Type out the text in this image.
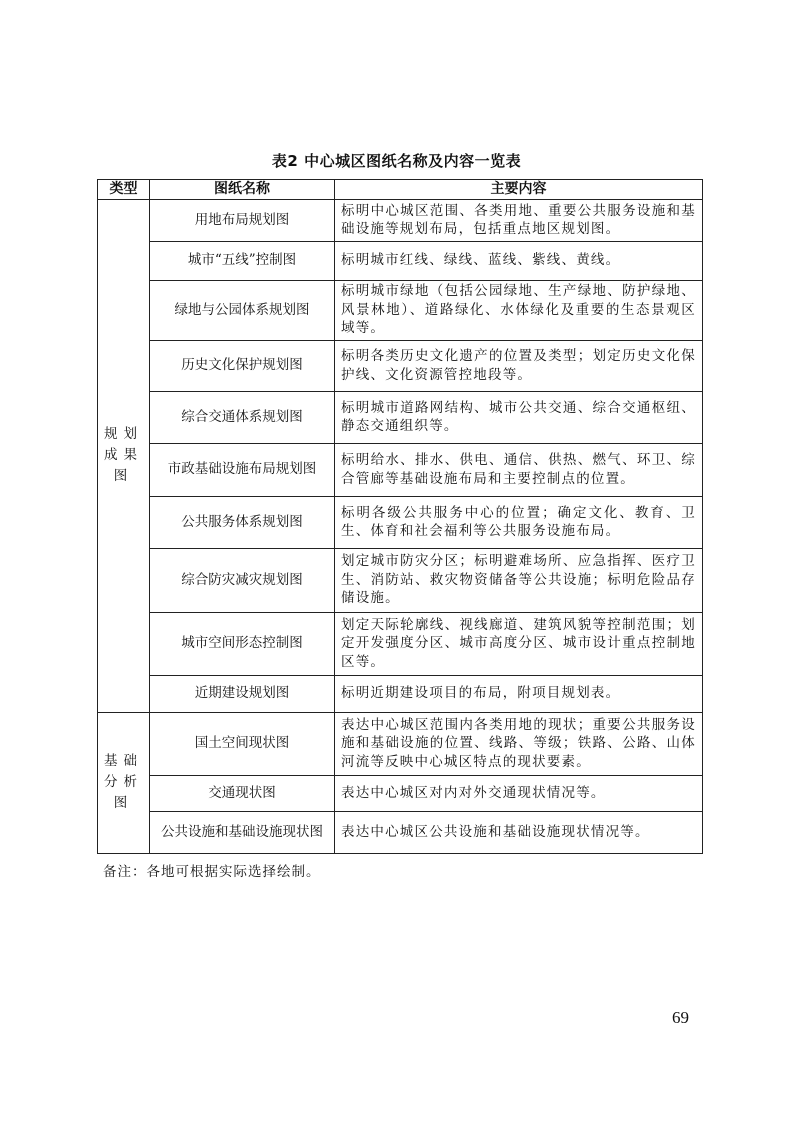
表2 中心城区图纸名称及内容一览表
类型	图纸名称	主要内容

规划
成果
图	用地布局规划图	标明中心城区范围、各类用地、重要公共服务设施和基础设施等规划布局，包括重点地区规划图。
	城市“五线”控制图	标明城市红线、绿线、蓝线、紫线、黄线。
	绿地与公园体系规划图	标明城市绿地（包括公园绿地、生产绿地、防护绿地、风景林地）、道路绿化、水体绿化及重要的生态景观区域等。
	历史文化保护规划图	标明各类历史文化遗产的位置及类型；划定历史文化保护线、文化资源管控地段等。
	综合交通体系规划图	标明城市道路网结构、城市公共交通、综合交通枢纽、静态交通组织等。
	市政基础设施布局规划图	标明给水、排水、供电、通信、供热、燃气、环卫、综合管廊等基础设施布局和主要控制点的位置。
	公共服务体系规划图	标明各级公共服务中心的位置；确定文化、教育、卫生、体育和社会福利等公共服务设施布局。
	综合防灾减灾规划图	划定城市防灾分区；标明避难场所、应急指挥、医疗卫生、消防站、救灾物资储备等公共设施；标明危险品存储设施。
	城市空间形态控制图	划定天际轮廓线、视线廊道、建筑风貌等控制范围；划定开发强度分区、城市高度分区、城市设计重点控制地区等。
	近期建设规划图	标明近期建设项目的布局，附项目规划表。

基础
分析
图	国土空间现状图	表达中心城区范围内各类用地的现状；重要公共服务设施和基础设施的位置、线路、等级；铁路、公路、山体河流等反映中心城区特点的现状要素。
	交通现状图	表达中心城区对内对外交通现状情况等。
	公共设施和基础设施现状图	表达中心城区公共设施和基础设施现状情况等。
备注：各地可根据实际选择绘制。
69
